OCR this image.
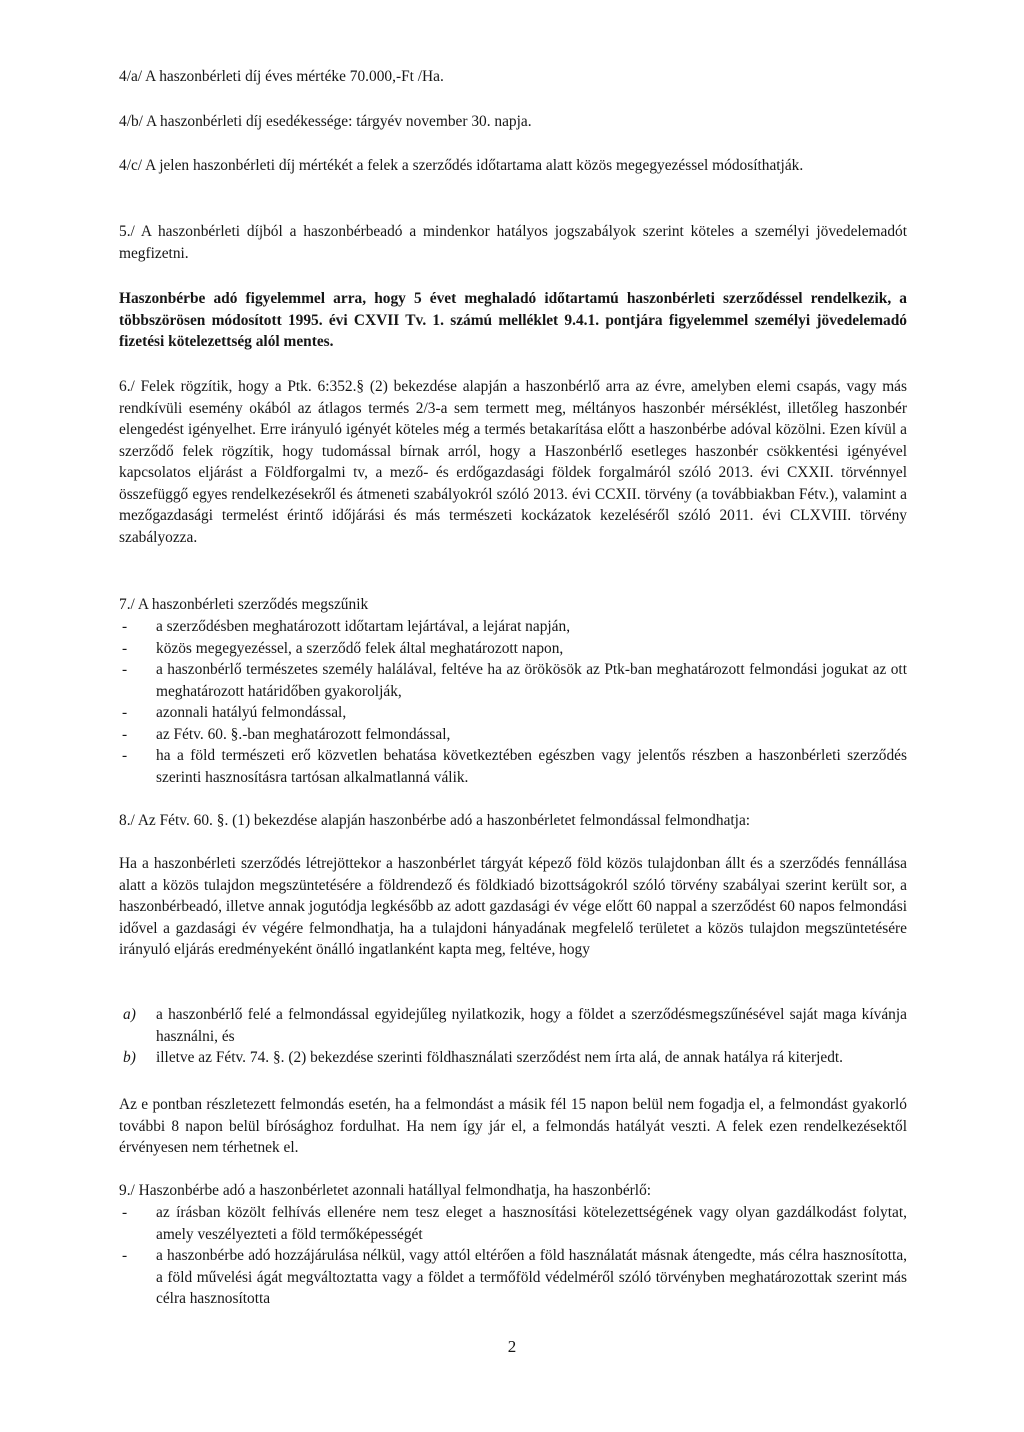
4/a/ A haszonbérleti díj éves mértéke 70.000,-Ft /Ha.

4/b/ A haszonbérleti díj esedékessége: tárgyév november 30. napja.

4/c/ A jelen haszonbérleti díj mértékét a felek a szerződés időtartama alatt közös megegyezéssel módosíthatják.

5./ A haszonbérleti díjból a haszonbérbeadó a mindenkor hatályos jogszabályok szerint köteles a személyi jövedelemadót megfizetni.

Haszonbérbe adó figyelemmel arra, hogy 5 évet meghaladó időtartamú haszonbérleti szerződéssel rendelkezik, a többszörösen módosított 1995. évi CXVII Tv. 1. számú melléklet 9.4.1. pontjára figyelemmel személyi jövedelemadó fizetési kötelezettség alól mentes.

6./ Felek rögzítik, hogy a Ptk. 6:352.§ (2) bekezdése alapján a haszonbérlő arra az évre, amelyben elemi csapás, vagy más rendkívüli esemény okából az átlagos termés 2/3-a sem termett meg, méltányos haszonbér mérséklést, illetőleg haszonbér elengedést igényelhet. Erre irányuló igényét köteles még a termés betakarítása előtt a haszonbérbe adóval közölni. Ezen kívül a szerződő felek rögzítik, hogy tudomással bírnak arról, hogy a Haszonbérlő esetleges haszonbér csökkentési igényével kapcsolatos eljárást a Földforgalmi tv, a mező- és erdőgazdasági földek forgalmáról szóló 2013. évi CXXII. törvénnyel összefüggő egyes rendelkezésekről és átmeneti szabályokról szóló 2013. évi CCXII. törvény (a továbbiakban Fétv.), valamint a mezőgazdasági termelést érintő időjárási és más természeti kockázatok kezeléséről szóló 2011. évi CLXVIII. törvény szabályozza.

7./ A haszonbérleti szerződés megszűnik

- a szerződésben meghatározott időtartam lejártával, a lejárat napján,
- közös megegyezéssel, a szerződő felek által meghatározott napon,
- a haszonbérlő természetes személy halálával, feltéve ha az örökösök az Ptk-ban meghatározott felmondási jogukat az ott meghatározott határidőben gyakorolják,
- azonnali hatályú felmondással,
- az Fétv. 60. §.-ban meghatározott felmondással,
- ha a föld természeti erő közvetlen behatása következtében egészben vagy jelentős részben a haszonbérleti szerződés szerinti hasznosításra tartósan alkalmatlanná válik.

8./ Az Fétv. 60. §. (1) bekezdése alapján haszonbérbe adó a haszonbérletet felmondással felmondhatja:

Ha a haszonbérleti szerződés létrejöttekor a haszonbérlet tárgyát képező föld közös tulajdonban állt és a szerződés fennállása alatt a közös tulajdon megszüntetésére a földrendező és földkiadó bizottságokról szóló törvény szabályai szerint került sor, a haszonbérbeadó, illetve annak jogutódja legkésőbb az adott gazdasági év vége előtt 60 nappal a szerződést 60 napos felmondási idővel a gazdasági év végére felmondhatja, ha a tulajdoni hányadának megfelelő területet a közös tulajdon megszüntetésére irányuló eljárás eredményeként önálló ingatlanként kapta meg, feltéve, hogy

a) a haszonbérlő felé a felmondással egyidejűleg nyilatkozik, hogy a földet a szerződésmegszűnésével saját maga kívánja használni, és
b) illetve az Fétv. 74. §. (2) bekezdése szerinti földhasználati szerződést nem írta alá, de annak hatálya rá kiterjedt.

Az e pontban részletezett felmondás esetén, ha a felmondást a másik fél 15 napon belül nem fogadja el, a felmondást gyakorló további 8 napon belül bírósághoz fordulhat. Ha nem így jár el, a felmondás hatályát veszti. A felek ezen rendelkezésektől érvényesen nem térhetnek el.

9./ Haszonbérbe adó a haszonbérletet azonnali hatállyal felmondhatja, ha haszonbérlő:

- az írásban közölt felhívás ellenére nem tesz eleget a hasznosítási kötelezettségének vagy olyan gazdálkodást folytat, amely veszélyezteti a föld termőképességét
- a haszonbérbe adó hozzájárulása nélkül, vagy attól eltérően a föld használatát másnak átengedte, más célra hasznosította, a föld művelési ágát megváltoztatta vagy a földet a termőföld védelméről szóló törvényben meghatározottak szerint más célra hasznosította
2
